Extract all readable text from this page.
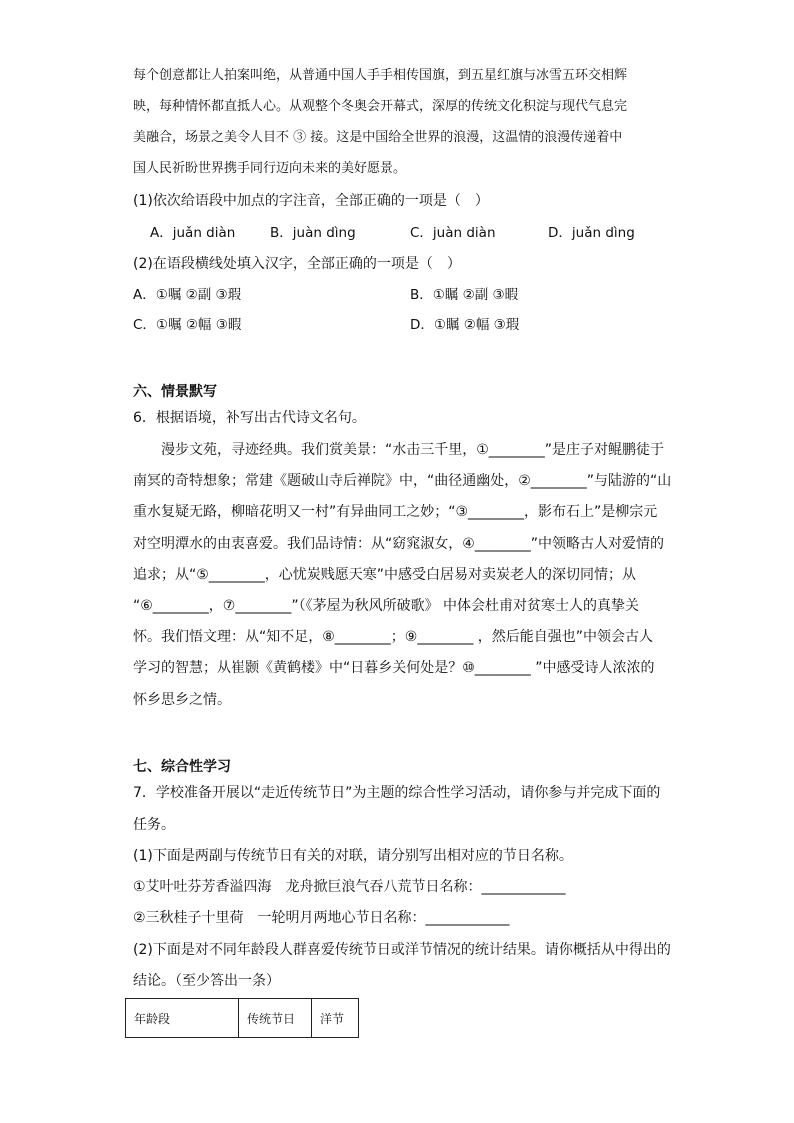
每个创意都让人拍案叫绝，从普通中国人手手相传国旗，到五星红旗与冰雪五环交相辉
映，每种情怀都直抵人心。从观整个冬奥会开幕式，深厚的传统文化积淀与现代气息完
美融合，场景之美令人目不 ③ 接。这是中国给全世界的浪漫，这温情的浪漫传递着中
国人民祈盼世界携手同行迈向未来的美好愿景。
(1)依次给语段中加点的字注音，全部正确的一项是（　）
A．juǎn diàn	B．juàn dìng	C．juàn diàn	D．juǎn dìng
(2)在语段横线处填入汉字，全部正确的一项是（　）
A．①嘱 ②副 ③瑕	B．①瞩 ②副 ③暇
C．①嘱 ②幅 ③暇	D．①瞩 ②幅 ③瑕
六、情景默写
6．根据语境，补写出古代诗文名句。
　　漫步文苑，寻迹经典。我们赏美景：“水击三千里，①________”是庄子对鲲鹏徒于
南冥的奇特想象；常建《题破山寺后禅院》中，“曲径通幽处，②________”与陆游的“山
重水复疑无路，柳暗花明又一村”有异曲同工之妙；“③________，影布石上”是柳宗元
对空明潭水的由衷喜爱。我们品诗情：从“窈窕淑女，④________”中领略古人对爱情的
追求；从“⑤________，心忧炭贱愿天寒”中感受白居易对卖炭老人的深切同情；从
“⑥________，⑦________”（《茅屋为秋风所破歌》 中体会杜甫对贫寒士人的真挚关
怀。我们悟文理：从“知不足，⑧________；⑨________ ，然后能自强也”中领会古人
学习的智慧；从崔颢《黄鹤楼》中“日暮乡关何处是？⑩________ ”中感受诗人浓浓的
怀乡思乡之情。
七、综合性学习
7．学校准备开展以“走近传统节日”为主题的综合性学习活动，请你参与并完成下面的
任务。
(1)下面是两副与传统节日有关的对联，请分别写出相对应的节日名称。
①艾叶吐芬芳香溢四海　龙舟掀巨浪气吞八荒节日名称：____________
②三秋桂子十里荷　一轮明月两地心节日名称：____________
(2)下面是对不同年龄段人群喜爱传统节日或洋节情况的统计结果。请你概括从中得出的
结论。（至少答出一条）
年龄段	传统节日	洋节
